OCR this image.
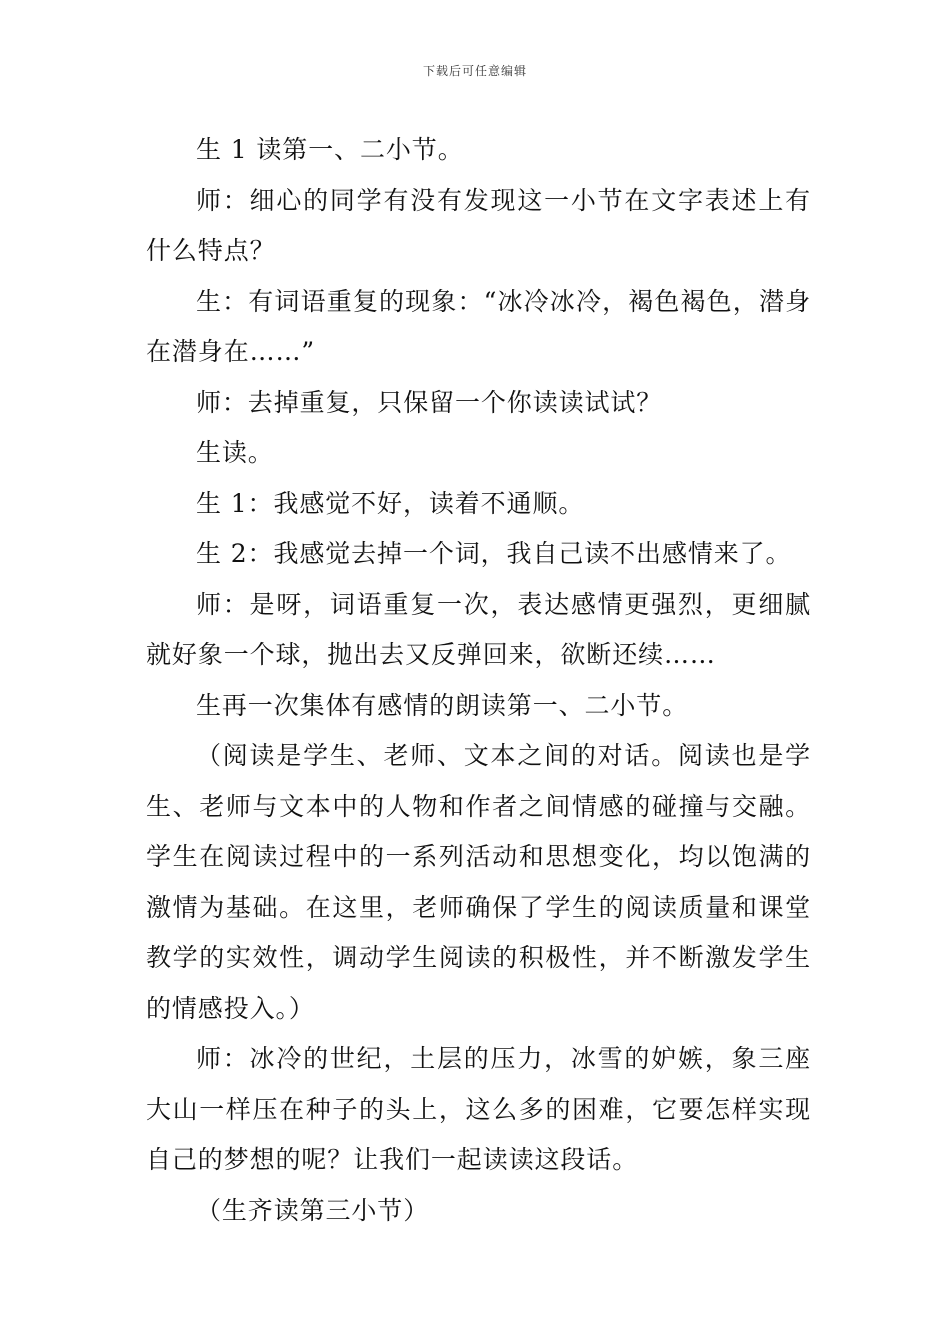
下载后可任意编辑

生 1 读第一、二小节。

师：细心的同学有没有发现这一小节在文字表述上有什么特点？

生：有词语重复的现象：“冰冷冰冷，褐色褐色，潜身在潜身在……”

师：去掉重复，只保留一个你读读试试？

生读。

生 1：我感觉不好，读着不通顺。

生 2：我感觉去掉一个词，我自己读不出感情来了。

师：是呀，词语重复一次，表达感情更强烈，更细腻就好象一个球，抛出去又反弹回来，欲断还续……

生再一次集体有感情的朗读第一、二小节。

（阅读是学生、老师、文本之间的对话。阅读也是学生、老师与文本中的人物和作者之间情感的碰撞与交融。学生在阅读过程中的一系列活动和思想变化，均以饱满的激情为基础。在这里，老师确保了学生的阅读质量和课堂教学的实效性，调动学生阅读的积极性，并不断激发学生的情感投入。）

师：冰冷的世纪，土层的压力，冰雪的妒嫉，象三座大山一样压在种子的头上，这么多的困难，它要怎样实现自己的梦想的呢？让我们一起读读这段话。

（生齐读第三小节）
